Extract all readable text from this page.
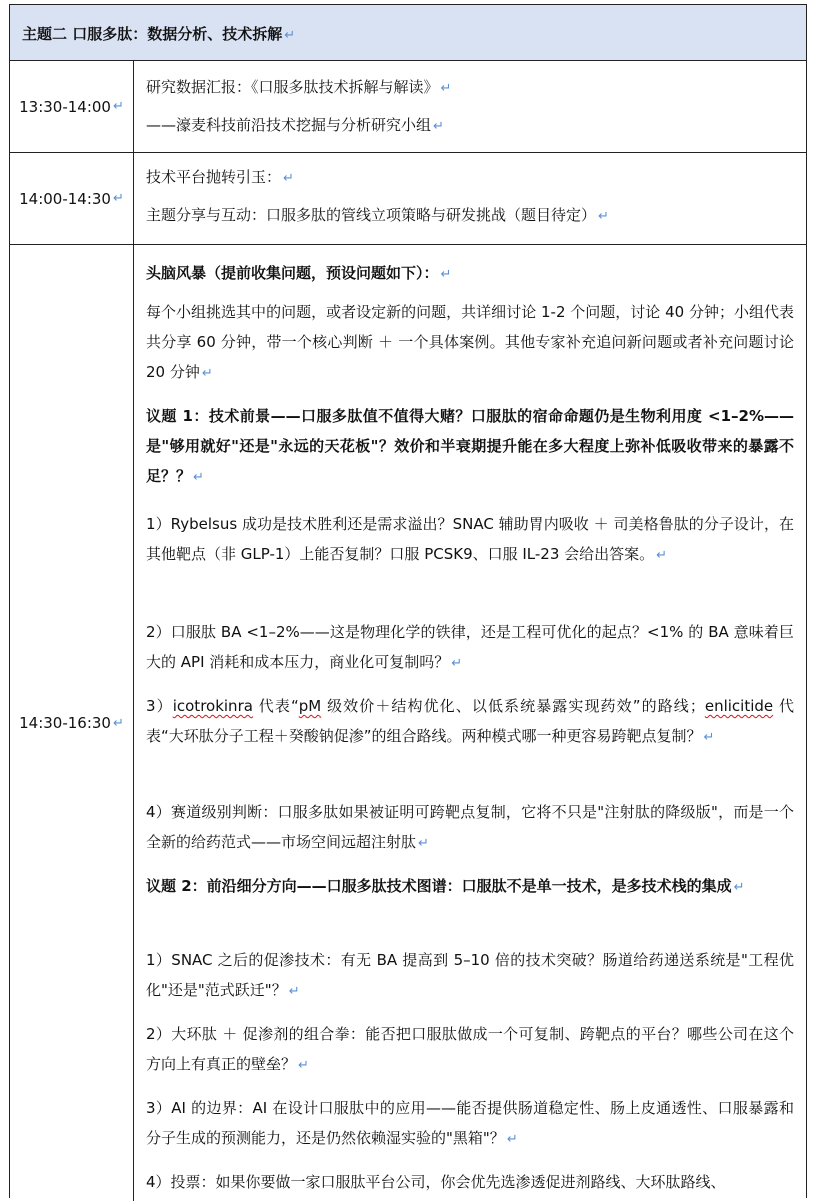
主题二 口服多肽：数据分析、技术拆解 ↵
13:30-14:00 ↵
研究数据汇报：《口服多肽技术拆解与解读》 ↵
——濠麦科技前沿技术挖掘与分析研究小组 ↵
14:00-14:30 ↵
技术平台抛转引玉： ↵
主题分享与互动：口服多肽的管线立项策略与研发挑战（题目待定） ↵
14:30-16:30 ↵
头脑风暴（提前收集问题，预设问题如下）： ↵
每个小组挑选其中的问题，或者设定新的问题，共详细讨论 1-2 个问题，讨论 40 分钟；小组代表共分享 60 分钟，带一个核心判断 ＋ 一个具体案例。其他专家补充追问新问题或者补充问题讨论 20 分钟 ↵
议题 1：技术前景——口服多肽值不值得大赌？口服肽的宿命命题仍是生物利用度 <1–2%——是"够用就好"还是"永远的天花板"？效价和半衰期提升能在多大程度上弥补低吸收带来的暴露不足？？ ↵
1）Rybelsus 成功是技术胜利还是需求溢出？SNAC 辅助胃内吸收 ＋ 司美格鲁肽的分子设计，在其他靶点（非 GLP-1）上能否复制？口服 PCSK9、口服 IL-23 会给出答案。 ↵
2）口服肽 BA <1–2%——这是物理化学的铁律，还是工程可优化的起点？<1% 的 BA 意味着巨大的 API 消耗和成本压力，商业化可复制吗？ ↵
3）icotrokinra 代表“pM 级效价＋结构优化、以低系统暴露实现药效”的路线；enlicitide 代表“大环肽分子工程＋癸酸钠促渗”的组合路线。两种模式哪一种更容易跨靶点复制？ ↵
4）赛道级别判断：口服多肽如果被证明可跨靶点复制，它将不只是"注射肽的降级版"，而是一个全新的给药范式——市场空间远超注射肽 ↵
议题 2：前沿细分方向——口服多肽技术图谱：口服肽不是单一技术，是多技术栈的集成 ↵
1）SNAC 之后的促渗技术：有无 BA 提高到 5–10 倍的技术突破？肠道给药递送系统是"工程优化"还是"范式跃迁"？ ↵
2）大环肽 ＋ 促渗剂的组合拳：能否把口服肽做成一个可复制、跨靶点的平台？哪些公司在这个方向上有真正的壁垒？ ↵
3）AI 的边界：AI 在设计口服肽中的应用——能否提供肠道稳定性、肠上皮通透性、口服暴露和分子生成的预测能力，还是仍然依赖湿实验的"黑箱"？ ↵
4）投票：如果你要做一家口服肽平台公司，你会优先选渗透促进剂路线、大环肽路线、
